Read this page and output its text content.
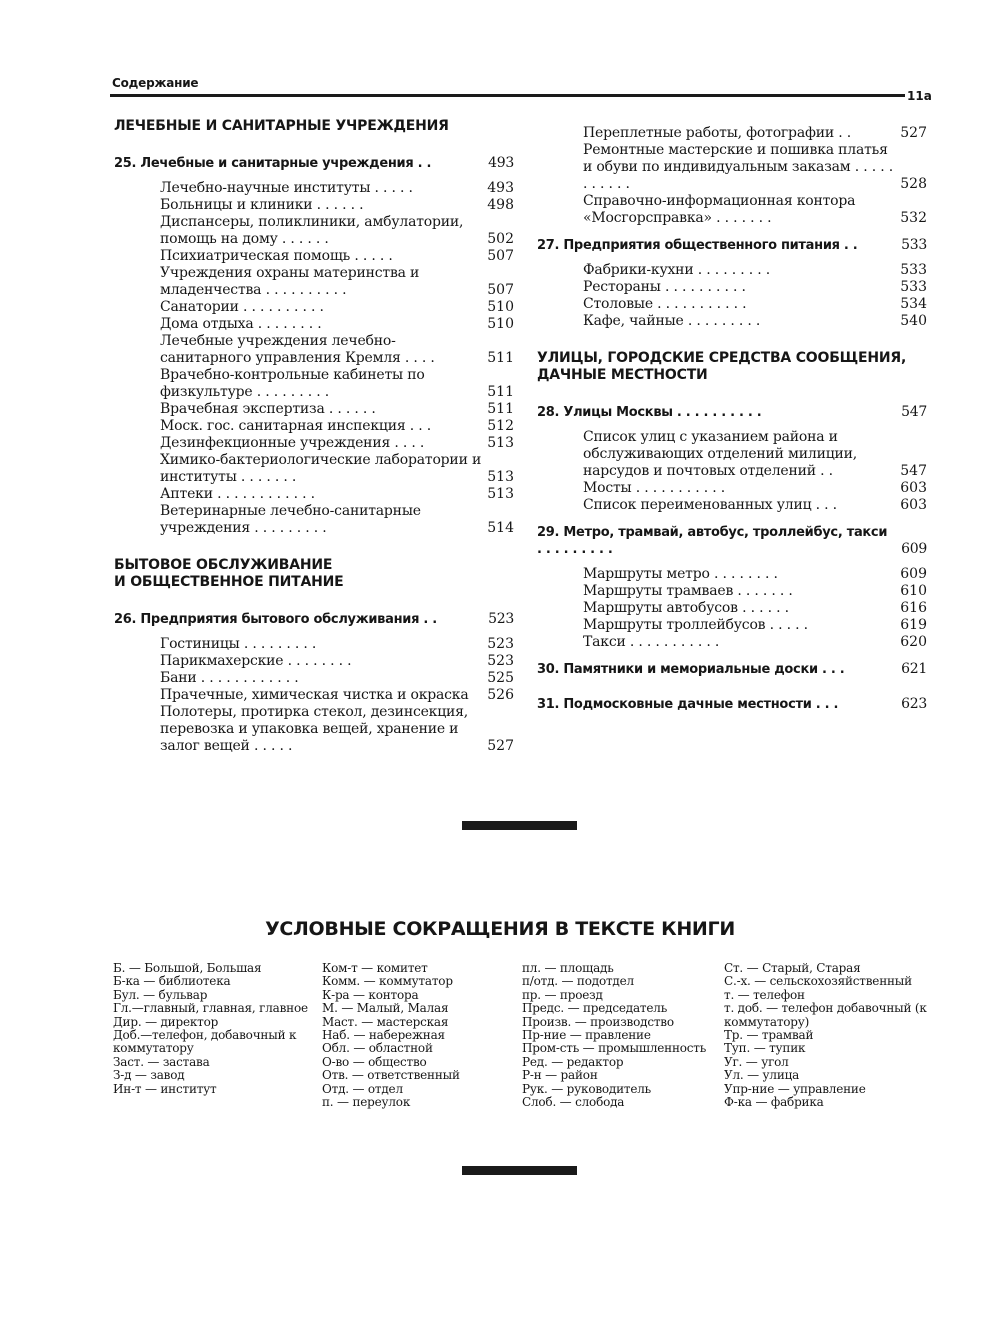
Содержание
11а
ЛЕЧЕБНЫЕ И САНИТАРНЫЕ УЧРЕЖДЕНИЯ
25. Лечебные и санитарные учреждения . .	493
Лечебно-научные институты . . . . .	493
Больницы и клиники . . . . . .	498
Диспансеры, поликлиники, амбулатории, помощь на дому . . . . . .	502
Психиатрическая помощь . . . . .	507
Учреждения охраны материнства и младенчества . . . . . . . . . .	507
Санатории . . . . . . . . . .	510
Дома отдыха . . . . . . . .	510
Лечебные учреждения лечебно-санитарного управления Кремля . . . .	511
Врачебно-контрольные кабинеты по физкультуре . . . . . . . . .	511
Врачебная экспертиза . . . . . .	511
Моск. гос. санитарная инспекция . . .	512
Дезинфекционные учреждения . . . .	513
Химико-бактериологические лаборатории и институты . . . . . . .	513
Аптеки . . . . . . . . . . . .	513
Ветеринарные лечебно-санитарные учреждения . . . . . . . . .	514
БЫТОВОЕ ОБСЛУЖИВАНИЕ
И ОБЩЕСТВЕННОЕ ПИТАНИЕ
26. Предприятия бытового обслуживания . .	523
Гостиницы . . . . . . . . .	523
Парикмахерские . . . . . . . .	523
Бани . . . . . . . . . . . .	525
Прачечные, химическая чистка и окраска	526
Полотеры, протирка стекол, дезинсекция, перевозка и упаковка вещей, хранение и залог вещей . . . . .	527
Переплетные работы, фотографии . .	527
Ремонтные мастерские и пошивка платья и обуви по индивидуальным заказам . . . . . . . . . . .	528
Справочно-информационная контора «Мосгорсправка» . . . . . . .	532
27. Предприятия общественного питания . .	533
Фабрики-кухни . . . . . . . . .	533
Рестораны . . . . . . . . . .	533
Столовые . . . . . . . . . . .	534
Кафе, чайные . . . . . . . . .	540
УЛИЦЫ, ГОРОДСКИЕ СРЕДСТВА СООБЩЕНИЯ,
ДАЧНЫЕ МЕСТНОСТИ
28. Улицы Москвы . . . . . . . . . .	547
Список улиц с указанием района и обслуживающих отделений милиции, нарсудов и почтовых отделений . .	547
Мосты . . . . . . . . . . .	603
Список переименованных улиц . . .	603
29. Метро, трамвай, автобус, троллейбус, такси . . . . . . . . .	609
Маршруты метро . . . . . . . .	609
Маршруты трамваев . . . . . . .	610
Маршруты автобусов . . . . . .	616
Маршруты троллейбусов . . . . .	619
Такси . . . . . . . . . . .	620
30. Памятники и мемориальные доски . . .	621
31. Подмосковные дачные местности . . .	623
УСЛОВНЫЕ СОКРАЩЕНИЯ В ТЕКСТЕ КНИГИ
Б. — Большой, Большая
Б-ка — библиотека
Бул. — бульвар
Гл.—главный, главная, главное
Дир. — директор
Доб.—телефон, добавочный к коммутатору
Заст. — застава
З-д — завод
Ин-т — институт
Ком-т — комитет
Комм. — коммутатор
К-ра — контора
М. — Малый, Малая
Маст. — мастерская
Наб. — набережная
Обл. — областной
О-во — общество
Отв. — ответственный
Отд. — отдел
п. — переулок
пл. — площадь
п/отд. — подотдел
пр. — проезд
Предс. — председатель
Произв. — производство
Пр-ние — правление
Пром-сть — промышленность
Ред. — редактор
Р-н — район
Рук. — руководитель
Слоб. — слобода
Ст. — Старый, Старая
С.-х. — сельскохозяйственный
т. — телефон
т. доб. — телефон добавочный (к коммутатору)
Тр. — трамвай
Туп. — тупик
Уг. — угол
Ул. — улица
Упр-ние — управление
Ф-ка — фабрика
